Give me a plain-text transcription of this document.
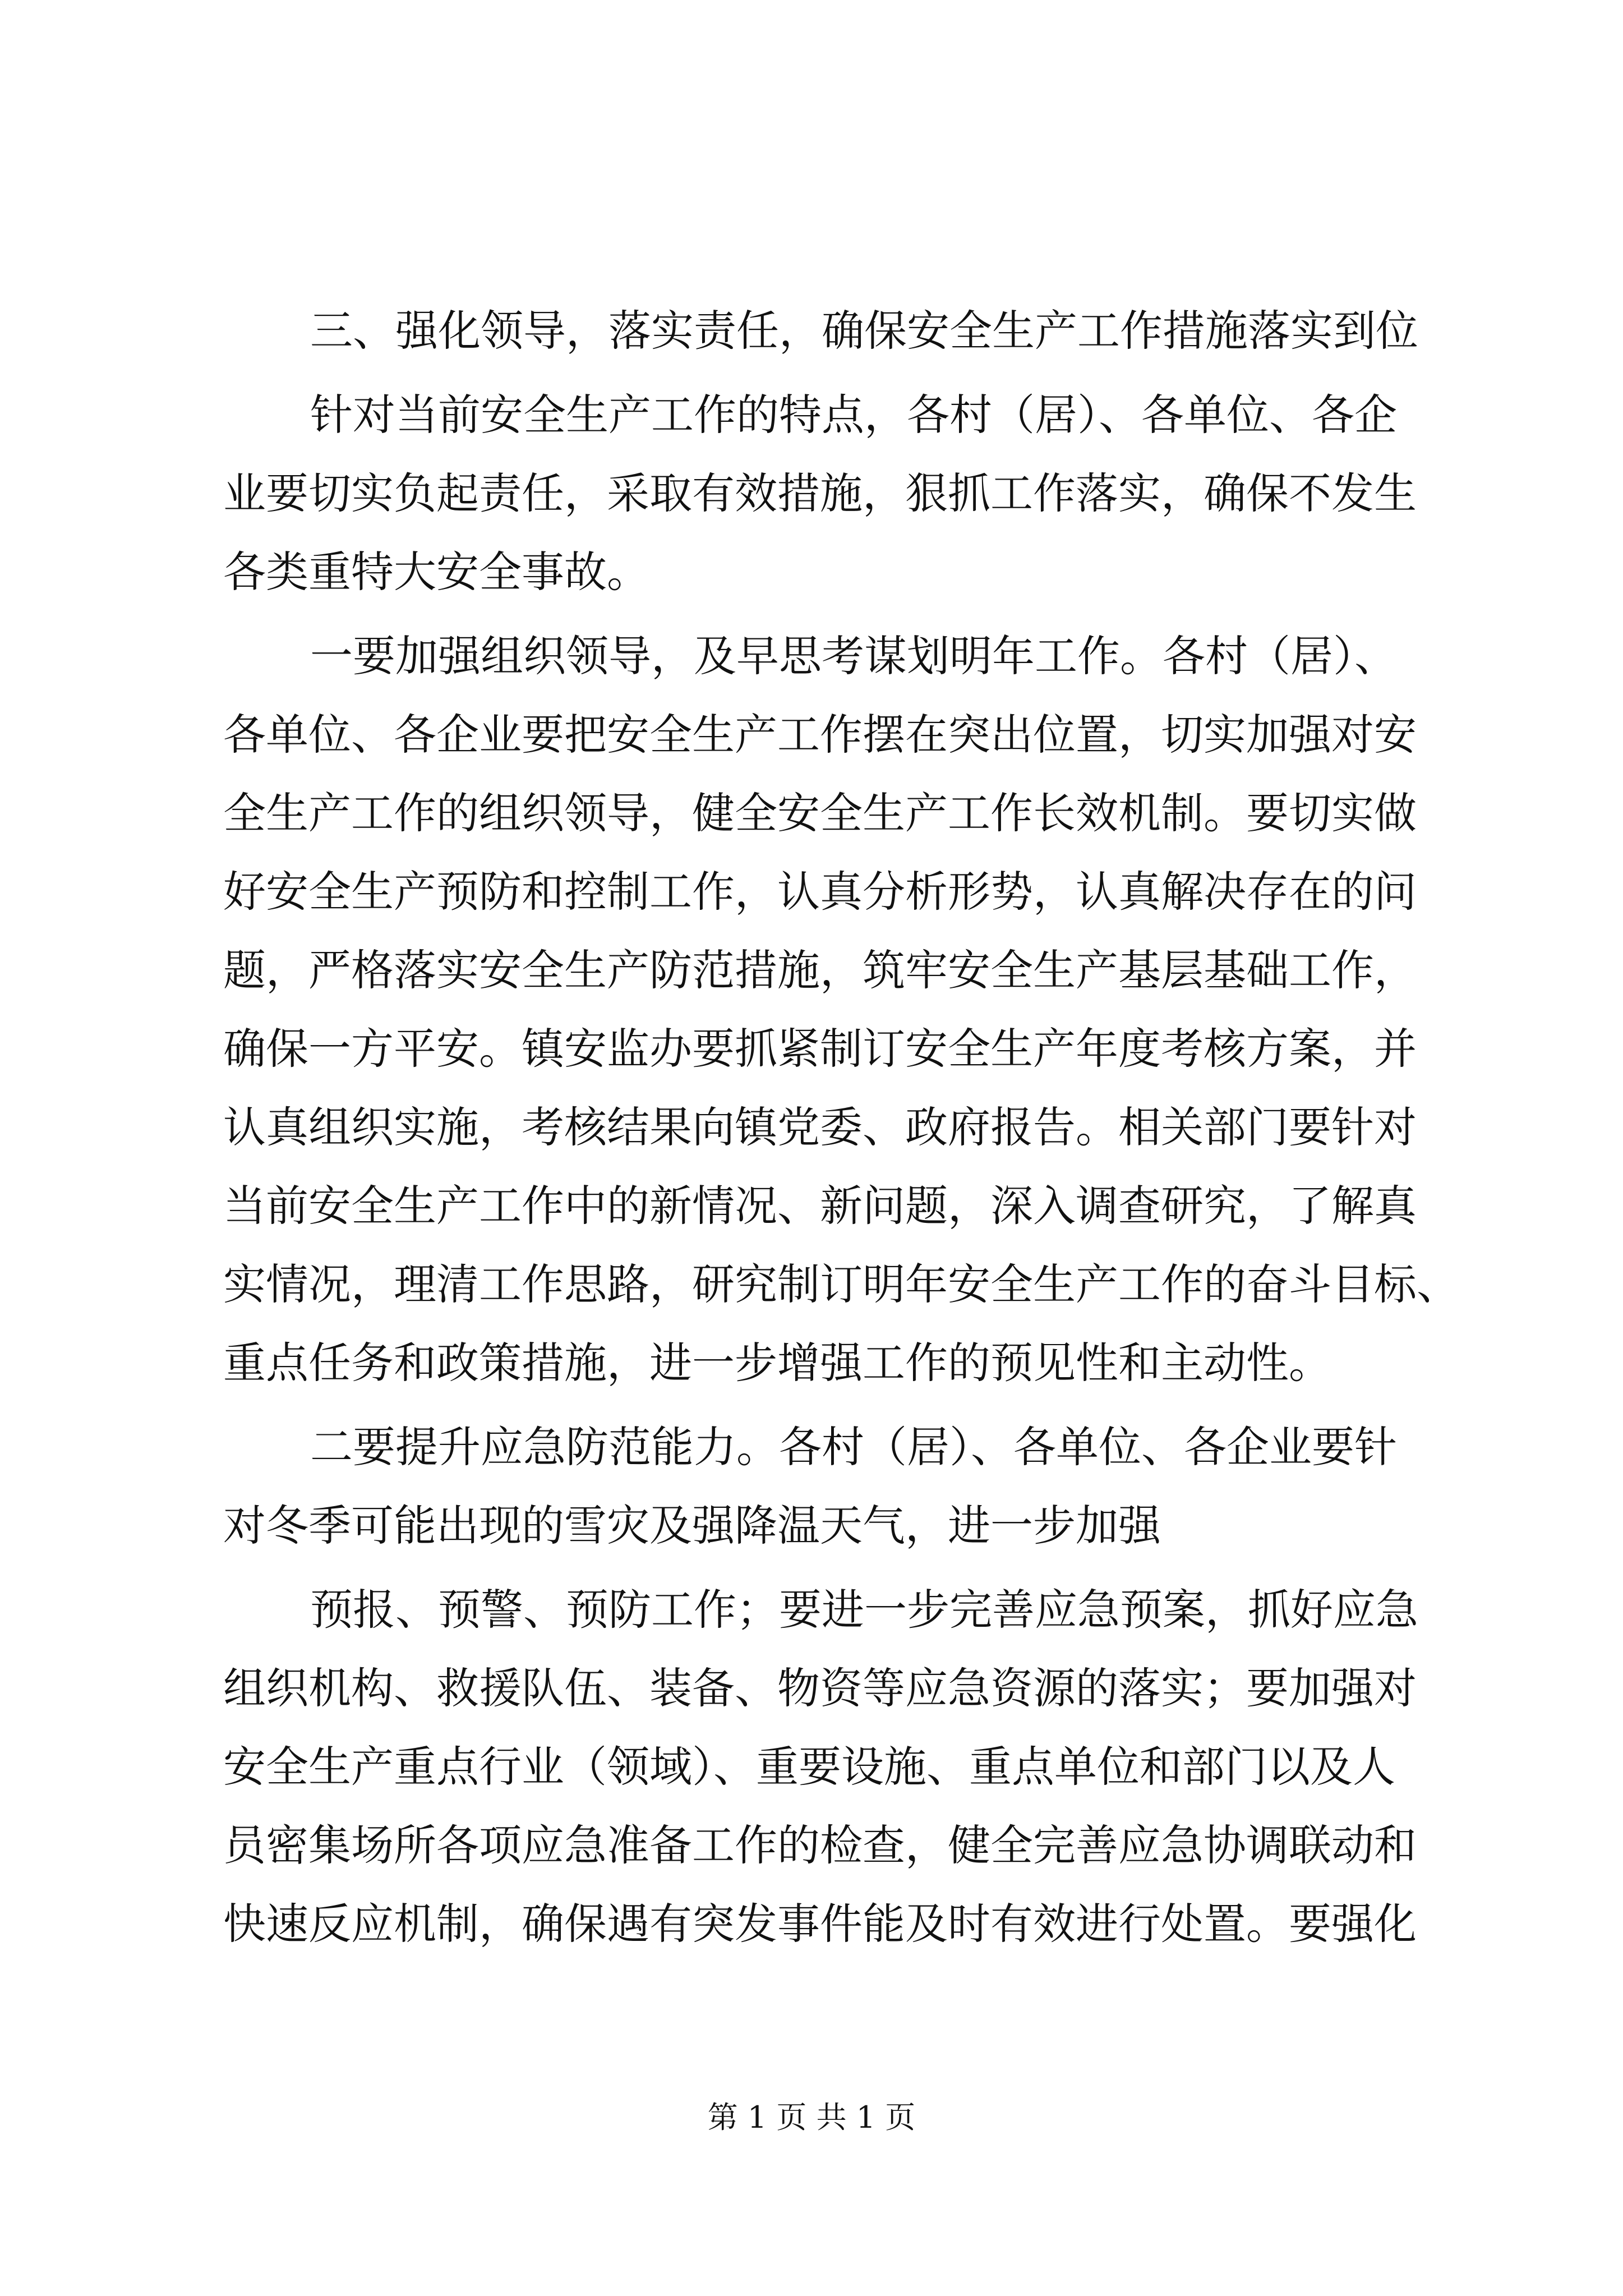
三、强化领导，落实责任，确保安全生产工作措施落实到位
针对当前安全生产工作的特点，各村（居）、各单位、各企
业要切实负起责任，采取有效措施，狠抓工作落实，确保不发生
各类重特大安全事故。
一要加强组织领导，及早思考谋划明年工作。各村（居）、
各单位、各企业要把安全生产工作摆在突出位置，切实加强对安
全生产工作的组织领导，健全安全生产工作长效机制。要切实做
好安全生产预防和控制工作，认真分析形势，认真解决存在的问
题，严格落实安全生产防范措施，筑牢安全生产基层基础工作，
确保一方平安。镇安监办要抓紧制订安全生产年度考核方案，并
认真组织实施，考核结果向镇党委、政府报告。相关部门要针对
当前安全生产工作中的新情况、新问题，深入调查研究，了解真
实情况，理清工作思路，研究制订明年安全生产工作的奋斗目标、
重点任务和政策措施，进一步增强工作的预见性和主动性。
二要提升应急防范能力。各村（居）、各单位、各企业要针
对冬季可能出现的雪灾及强降温天气，进一步加强
预报、预警、预防工作；要进一步完善应急预案，抓好应急
组织机构、救援队伍、装备、物资等应急资源的落实；要加强对
安全生产重点行业（领域）、重要设施、重点单位和部门以及人
员密集场所各项应急准备工作的检查，健全完善应急协调联动和
快速反应机制，确保遇有突发事件能及时有效进行处置。要强化
第 1 页 共 1 页
